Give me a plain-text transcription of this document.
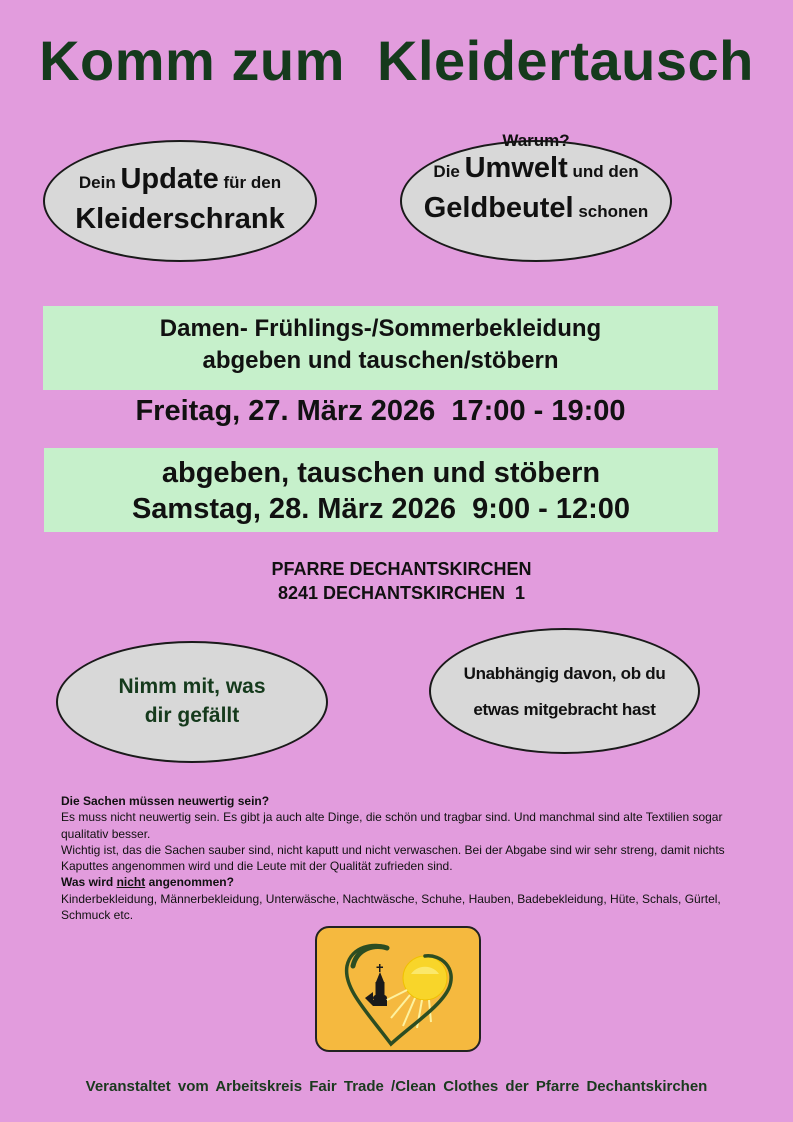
Komm zum  Kleidertausch
Dein Update für den
Kleiderschrank
Warum?
Die Umwelt und den
Geldbeutel schonen
Damen- Frühlings-/Sommerbekleidung
abgeben und tauschen/stöbern
Freitag, 27. März 2026  17:00 - 19:00
abgeben, tauschen und stöbern
Samstag, 28. März 2026  9:00 - 12:00
PFARRE DECHANTSKIRCHEN
8241 DECHANTSKIRCHEN  1
Nimm mit, was
dir gefällt
Unabhängig davon, ob du
etwas mitgebracht hast
Die Sachen müssen neuwertig sein?
Es muss nicht neuwertig sein. Es gibt ja auch alte Dinge, die schön und tragbar sind. Und manchmal sind alte Textilien sogar qualitativ besser.
Wichtig ist, das die Sachen sauber sind, nicht kaputt und nicht verwaschen. Bei der Abgabe sind wir sehr streng, damit nichts Kaputtes angenommen wird und die Leute mit der Qualität zufrieden sind.
Was wird nicht angenommen?
Kinderbekleidung, Männerbekleidung, Unterwäsche, Nachtwäsche, Schuhe, Hauben, Badebekleidung, Hüte, Schals, Gürtel, Schmuck etc.
Veranstaltet vom Arbeitskreis Fair Trade /Clean Clothes der Pfarre Dechantskirchen
